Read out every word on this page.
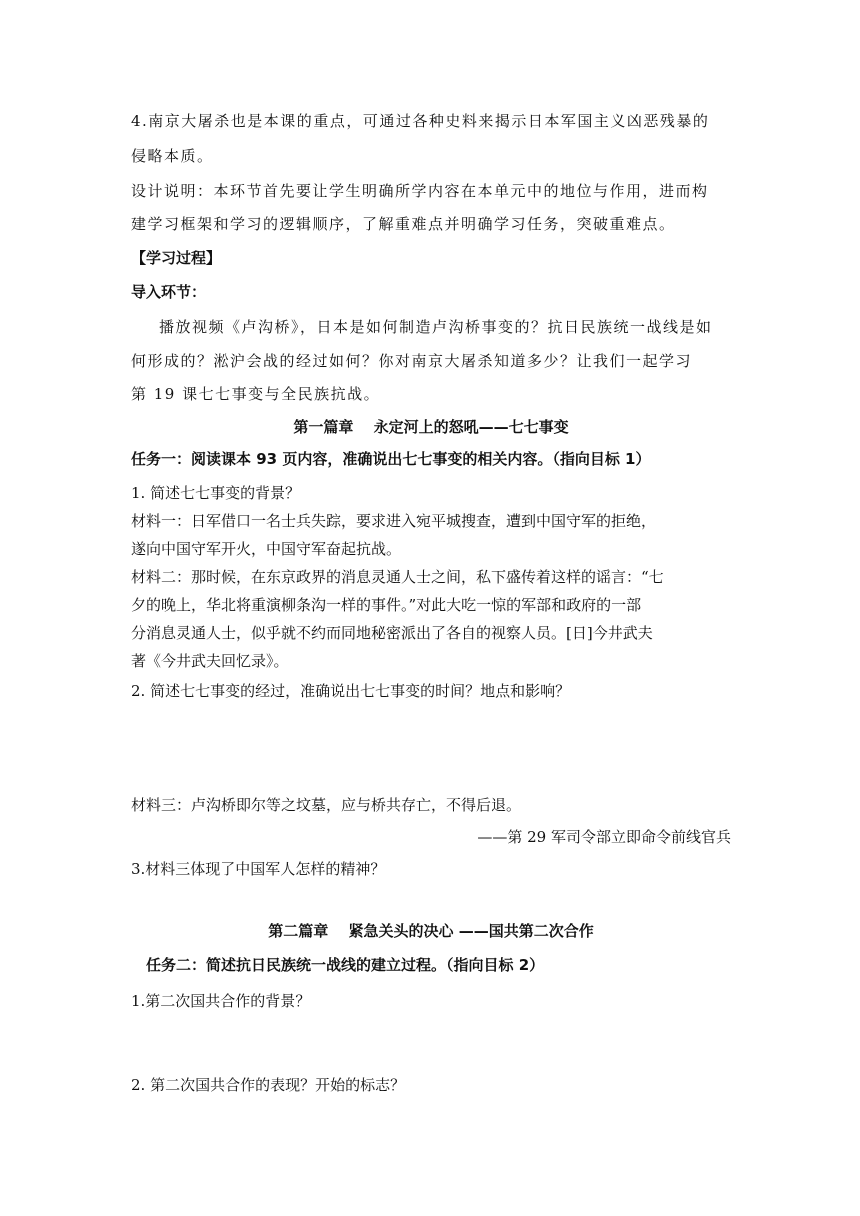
4.南京大屠杀也是本课的重点，可通过各种史料来揭示日本军国主义凶恶残暴的
侵略本质。
设计说明：本环节首先要让学生明确所学内容在本单元中的地位与作用，进而构
建学习框架和学习的逻辑顺序，了解重难点并明确学习任务，突破重难点。
【学习过程】
导入环节：
播放视频《卢沟桥》，日本是如何制造卢沟桥事变的？抗日民族统一战线是如
何形成的？淞沪会战的经过如何？你对南京大屠杀知道多少？让我们一起学习
第 19 课七七事变与全民族抗战。
第一篇章　 永定河上的怒吼——七七事变
任务一：阅读课本 93 页内容，准确说出七七事变的相关内容。（指向目标 1）
1. 简述七七事变的背景？
材料一：日军借口一名士兵失踪，要求进入宛平城搜查，遭到中国守军的拒绝，
遂向中国守军开火，中国守军奋起抗战。
材料二：那时候，在东京政界的消息灵通人士之间，私下盛传着这样的谣言：“七
夕的晚上，华北将重演柳条沟一样的事件。”对此大吃一惊的军部和政府的一部
分消息灵通人士，似乎就不约而同地秘密派出了各自的视察人员。[日]今井武夫
著《今井武夫回忆录》。
2. 简述七七事变的经过，准确说出七七事变的时间？地点和影响？
材料三：卢沟桥即尔等之坟墓，应与桥共存亡，不得后退。
——第 29 军司令部立即命令前线官兵
3.材料三体现了中国军人怎样的精神？
第二篇章　 紧急关头的决心 ——国共第二次合作
任务二：简述抗日民族统一战线的建立过程。（指向目标 2）
1.第二次国共合作的背景？
2. 第二次国共合作的表现？开始的标志？
